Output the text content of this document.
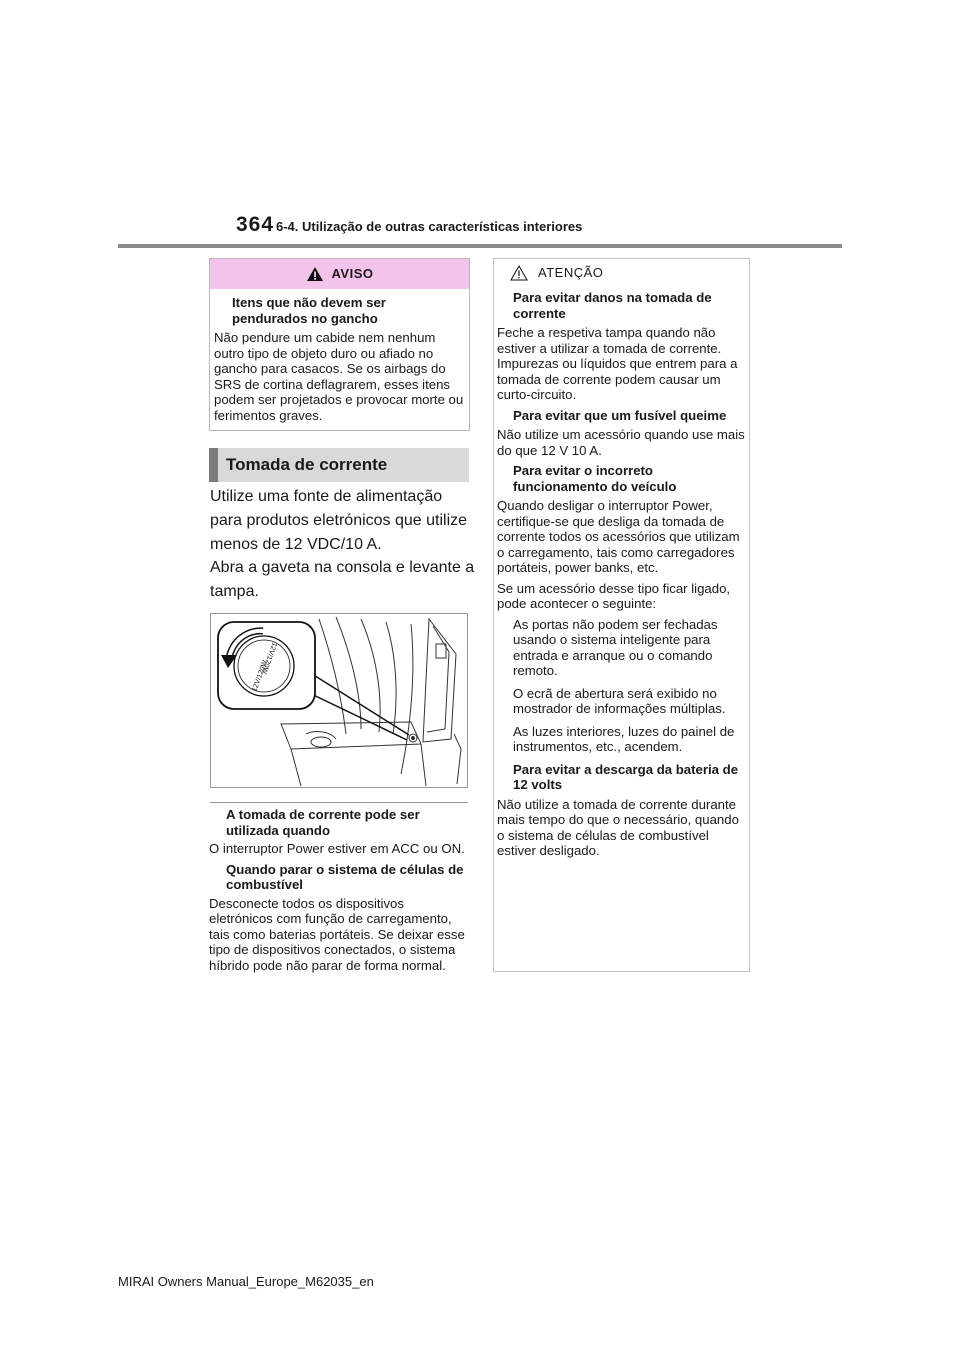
364 6-4. Utilização de outras características interiores
AVISO

Itens que não devem ser pendurados no gancho

Não pendure um cabide nem nenhum outro tipo de objeto duro ou afiado no gancho para casacos. Se os airbags do SRS de cortina deflagrarem, esses itens podem ser projetados e provocar morte ou ferimentos graves.

Tomada de corrente

Utilize uma fonte de alimentação para produtos eletrónicos que utilize menos de 12 VDC/10 A.

Abra a gaveta na consola e levante a tampa.

12V/120W
12V/120W

A tomada de corrente pode ser utilizada quando

O interruptor Power estiver em ACC ou ON.

Quando parar o sistema de células de combustível

Desconecte todos os dispositivos eletrónicos com função de carregamento, tais como baterias portáteis. Se deixar esse tipo de dispositivos conectados, o sistema híbrido pode não parar de forma normal.

ATENÇÃO

Para evitar danos na tomada de corrente

Feche a respetiva tampa quando não estiver a utilizar a tomada de corrente. Impurezas ou líquidos que entrem para a tomada de corrente podem causar um curto-circuito.

Para evitar que um fusível queime

Não utilize um acessório quando use mais do que 12 V 10 A.

Para evitar o incorreto funcionamento do veículo

Quando desligar o interruptor Power, certifique-se que desliga da tomada de corrente todos os acessórios que utilizam o carregamento, tais como carregadores portáteis, power banks, etc.

Se um acessório desse tipo ficar ligado, pode acontecer o seguinte:

As portas não podem ser fechadas usando o sistema inteligente para entrada e arranque ou o comando remoto.

O ecrã de abertura será exibido no mostrador de informações múltiplas.

As luzes interiores, luzes do painel de instrumentos, etc., acendem.

Para evitar a descarga da bateria de 12 volts

Não utilize a tomada de corrente durante mais tempo do que o necessário, quando o sistema de células de combustível estiver desligado.

MIRAI Owners Manual_Europe_M62035_en
